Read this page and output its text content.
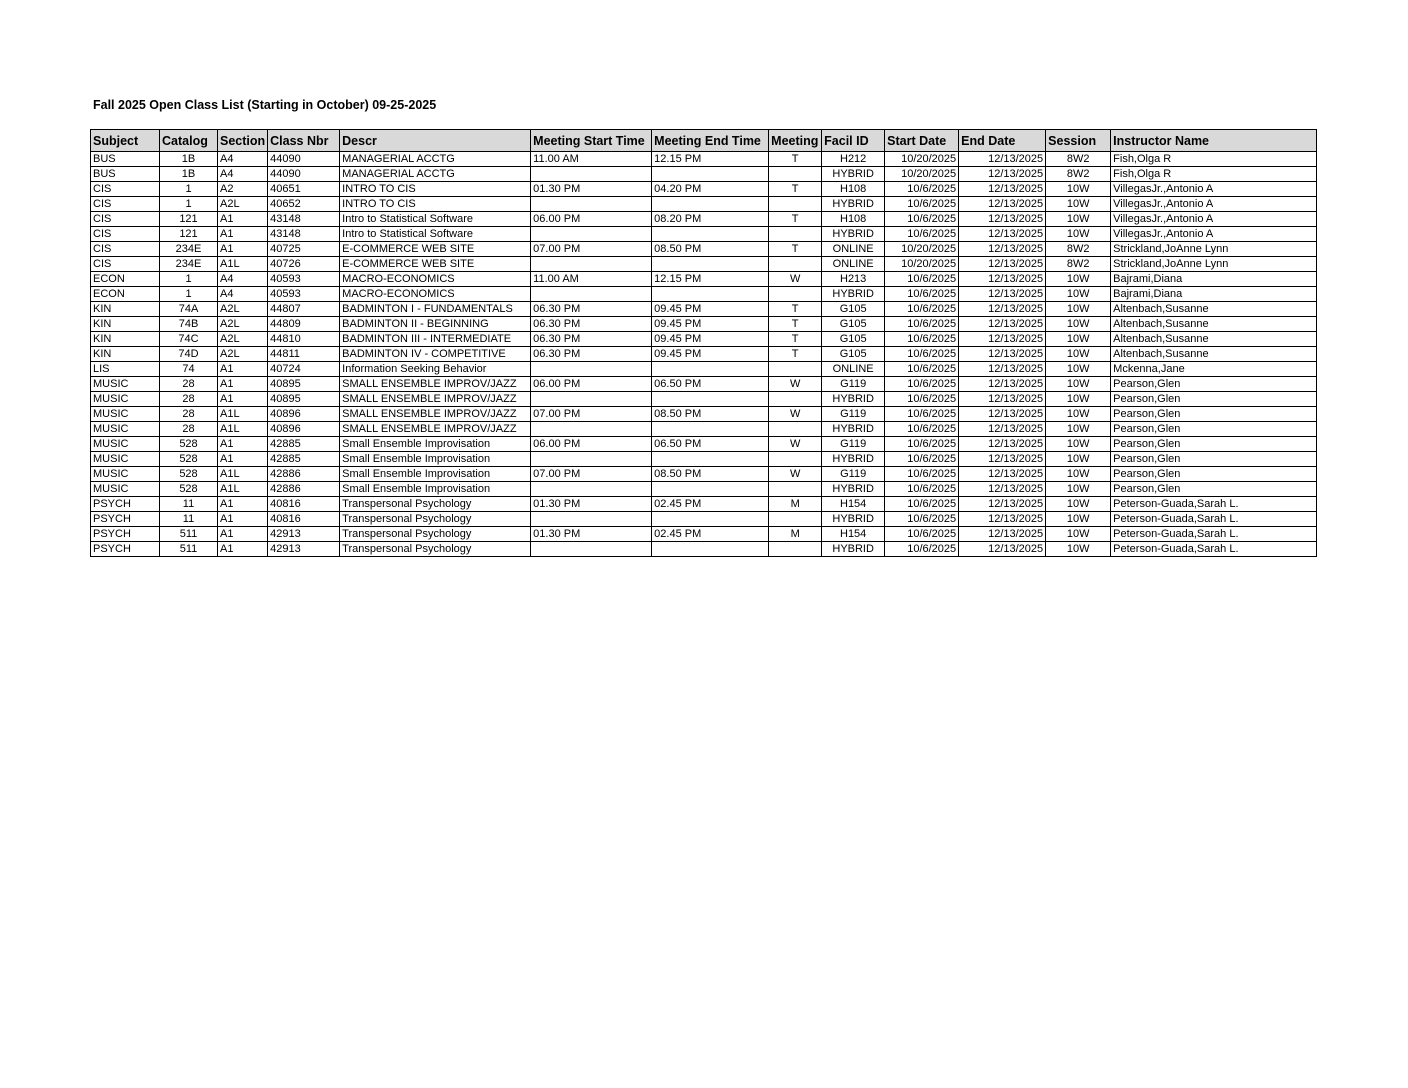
Fall 2025 Open Class List (Starting in October) 09-25-2025
Subject	Catalog	Section	Class Nbr	Descr	Meeting Start Time	Meeting End Time	Meeting	Facil ID	Start Date	End Date	Session	Instructor Name
BUS	1B	A4	44090	MANAGERIAL ACCTG	11.00 AM	12.15 PM	T	H212	10/20/2025	12/13/2025	8W2	Fish,Olga R
BUS	1B	A4	44090	MANAGERIAL ACCTG				HYBRID	10/20/2025	12/13/2025	8W2	Fish,Olga R
CIS	1	A2	40651	INTRO TO CIS	01.30 PM	04.20 PM	T	H108	10/6/2025	12/13/2025	10W	VillegasJr.,Antonio A
CIS	1	A2L	40652	INTRO TO CIS				HYBRID	10/6/2025	12/13/2025	10W	VillegasJr.,Antonio A
CIS	121	A1	43148	Intro to Statistical Software	06.00 PM	08.20 PM	T	H108	10/6/2025	12/13/2025	10W	VillegasJr.,Antonio A
CIS	121	A1	43148	Intro to Statistical Software				HYBRID	10/6/2025	12/13/2025	10W	VillegasJr.,Antonio A
CIS	234E	A1	40725	E-COMMERCE WEB SITE	07.00 PM	08.50 PM	T	ONLINE	10/20/2025	12/13/2025	8W2	Strickland,JoAnne Lynn
CIS	234E	A1L	40726	E-COMMERCE WEB SITE				ONLINE	10/20/2025	12/13/2025	8W2	Strickland,JoAnne Lynn
ECON	1	A4	40593	MACRO-ECONOMICS	11.00 AM	12.15 PM	W	H213	10/6/2025	12/13/2025	10W	Bajrami,Diana
ECON	1	A4	40593	MACRO-ECONOMICS				HYBRID	10/6/2025	12/13/2025	10W	Bajrami,Diana
KIN	74A	A2L	44807	BADMINTON I - FUNDAMENTALS	06.30 PM	09.45 PM	T	G105	10/6/2025	12/13/2025	10W	Altenbach,Susanne
KIN	74B	A2L	44809	BADMINTON II - BEGINNING	06.30 PM	09.45 PM	T	G105	10/6/2025	12/13/2025	10W	Altenbach,Susanne
KIN	74C	A2L	44810	BADMINTON III - INTERMEDIATE	06.30 PM	09.45 PM	T	G105	10/6/2025	12/13/2025	10W	Altenbach,Susanne
KIN	74D	A2L	44811	BADMINTON IV - COMPETITIVE	06.30 PM	09.45 PM	T	G105	10/6/2025	12/13/2025	10W	Altenbach,Susanne
LIS	74	A1	40724	Information Seeking Behavior				ONLINE	10/6/2025	12/13/2025	10W	Mckenna,Jane
MUSIC	28	A1	40895	SMALL ENSEMBLE IMPROV/JAZZ	06.00 PM	06.50 PM	W	G119	10/6/2025	12/13/2025	10W	Pearson,Glen
MUSIC	28	A1	40895	SMALL ENSEMBLE IMPROV/JAZZ				HYBRID	10/6/2025	12/13/2025	10W	Pearson,Glen
MUSIC	28	A1L	40896	SMALL ENSEMBLE IMPROV/JAZZ	07.00 PM	08.50 PM	W	G119	10/6/2025	12/13/2025	10W	Pearson,Glen
MUSIC	28	A1L	40896	SMALL ENSEMBLE IMPROV/JAZZ				HYBRID	10/6/2025	12/13/2025	10W	Pearson,Glen
MUSIC	528	A1	42885	Small Ensemble Improvisation	06.00 PM	06.50 PM	W	G119	10/6/2025	12/13/2025	10W	Pearson,Glen
MUSIC	528	A1	42885	Small Ensemble Improvisation				HYBRID	10/6/2025	12/13/2025	10W	Pearson,Glen
MUSIC	528	A1L	42886	Small Ensemble Improvisation	07.00 PM	08.50 PM	W	G119	10/6/2025	12/13/2025	10W	Pearson,Glen
MUSIC	528	A1L	42886	Small Ensemble Improvisation				HYBRID	10/6/2025	12/13/2025	10W	Pearson,Glen
PSYCH	11	A1	40816	Transpersonal Psychology	01.30 PM	02.45 PM	M	H154	10/6/2025	12/13/2025	10W	Peterson-Guada,Sarah L.
PSYCH	11	A1	40816	Transpersonal Psychology				HYBRID	10/6/2025	12/13/2025	10W	Peterson-Guada,Sarah L.
PSYCH	511	A1	42913	Transpersonal Psychology	01.30 PM	02.45 PM	M	H154	10/6/2025	12/13/2025	10W	Peterson-Guada,Sarah L.
PSYCH	511	A1	42913	Transpersonal Psychology				HYBRID	10/6/2025	12/13/2025	10W	Peterson-Guada,Sarah L.
